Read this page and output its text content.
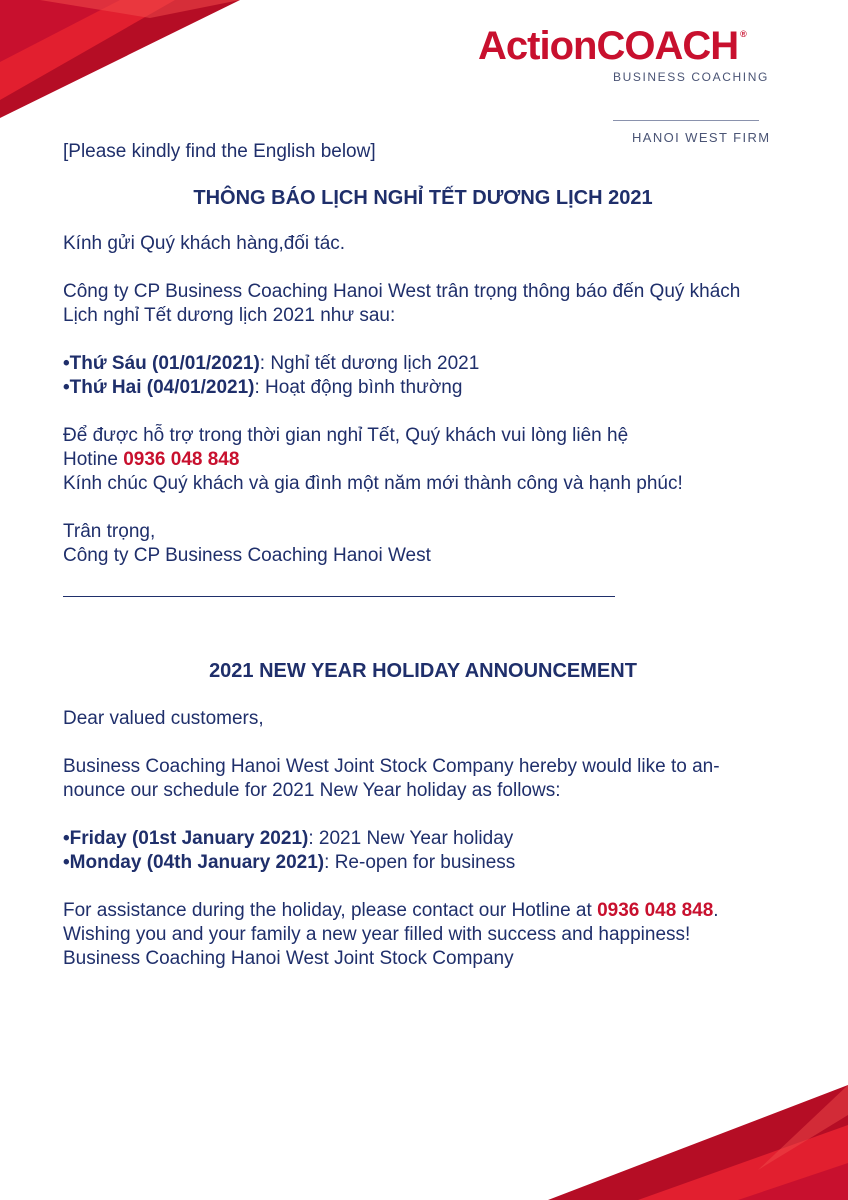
ActionCOACH ®
BUSINESS COACHING
HANOI WEST FIRM

[Please kindly find the English below]

THÔNG BÁO LỊCH NGHỈ TẾT DƯƠNG LỊCH 2021

Kính gửi Quý khách hàng,đối tác.

Công ty CP Business Coaching Hanoi West trân trọng thông báo đến Quý khách
Lịch nghỉ Tết dương lịch 2021 như sau:

•Thứ Sáu (01/01/2021): Nghỉ tết dương lịch 2021
•Thứ Hai (04/01/2021): Hoạt động bình thường

Để được hỗ trợ trong thời gian nghỉ Tết, Quý khách vui lòng liên hệ
Hotine 0936 048 848
Kính chúc Quý khách và gia đình một năm mới thành công và hạnh phúc!

Trân trọng,
Công ty CP Business Coaching Hanoi West

2021 NEW YEAR HOLIDAY ANNOUNCEMENT

Dear valued customers,

Business Coaching Hanoi West Joint Stock Company hereby would like to an-
nounce our schedule for 2021 New Year holiday as follows:

•Friday (01st January 2021): 2021 New Year holiday
•Monday (04th January 2021): Re-open for business

For assistance during the holiday, please contact our Hotline at 0936 048 848.
Wishing you and your family a new year filled with success and happiness!
Business Coaching Hanoi West Joint Stock Company
